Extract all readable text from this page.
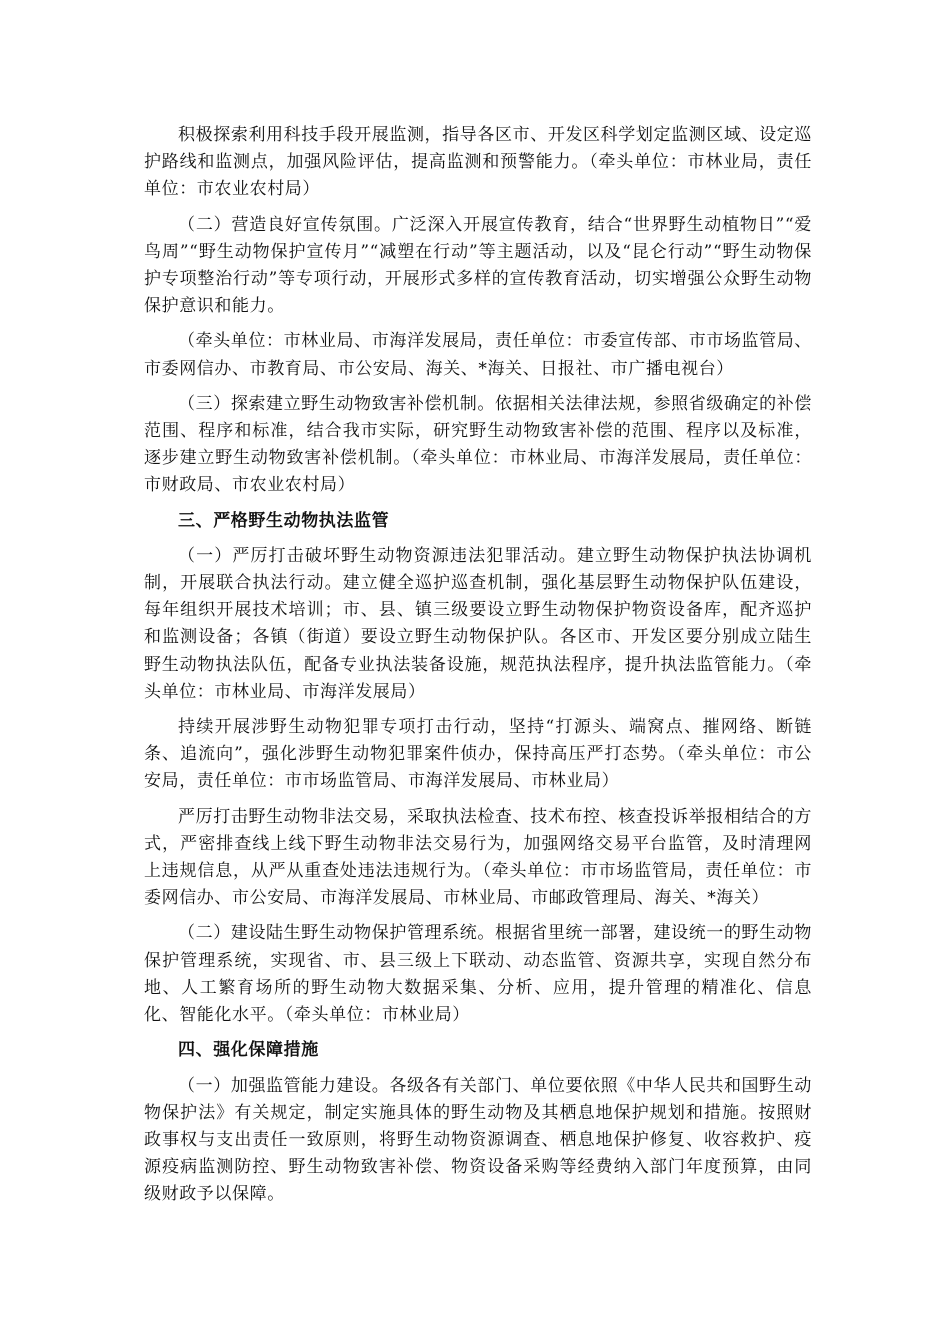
积极探索利用科技手段开展监测，指导各区市、开发区科学划定监测区域、设定巡护路线和监测点，加强风险评估，提高监测和预警能力。（牵头单位：市林业局，责任单位：市农业农村局）

（二）营造良好宣传氛围。广泛深入开展宣传教育，结合“世界野生动植物日”“爱鸟周”“野生动物保护宣传月”“减塑在行动”等主题活动，以及“昆仑行动”“野生动物保护专项整治行动”等专项行动，开展形式多样的宣传教育活动，切实增强公众野生动物保护意识和能力。

（牵头单位：市林业局、市海洋发展局，责任单位：市委宣传部、市市场监管局、市委网信办、市教育局、市公安局、海关、*海关、日报社、市广播电视台）

（三）探索建立野生动物致害补偿机制。依据相关法律法规，参照省级确定的补偿范围、程序和标准，结合我市实际，研究野生动物致害补偿的范围、程序以及标准，逐步建立野生动物致害补偿机制。（牵头单位：市林业局、市海洋发展局，责任单位：市财政局、市农业农村局）

三、严格野生动物执法监管

（一）严厉打击破坏野生动物资源违法犯罪活动。建立野生动物保护执法协调机制，开展联合执法行动。建立健全巡护巡查机制，强化基层野生动物保护队伍建设，每年组织开展技术培训；市、县、镇三级要设立野生动物保护物资设备库，配齐巡护和监测设备；各镇（街道）要设立野生动物保护队。各区市、开发区要分别成立陆生野生动物执法队伍，配备专业执法装备设施，规范执法程序，提升执法监管能力。（牵头单位：市林业局、市海洋发展局）

持续开展涉野生动物犯罪专项打击行动，坚持“打源头、端窝点、摧网络、断链条、追流向”，强化涉野生动物犯罪案件侦办，保持高压严打态势。（牵头单位：市公安局，责任单位：市市场监管局、市海洋发展局、市林业局）

严厉打击野生动物非法交易，采取执法检查、技术布控、核查投诉举报相结合的方式，严密排查线上线下野生动物非法交易行为，加强网络交易平台监管，及时清理网上违规信息，从严从重查处违法违规行为。（牵头单位：市市场监管局，责任单位：市委网信办、市公安局、市海洋发展局、市林业局、市邮政管理局、海关、*海关）

（二）建设陆生野生动物保护管理系统。根据省里统一部署，建设统一的野生动物保护管理系统，实现省、市、县三级上下联动、动态监管、资源共享，实现自然分布地、人工繁育场所的野生动物大数据采集、分析、应用，提升管理的精准化、信息化、智能化水平。（牵头单位：市林业局）

四、强化保障措施

（一）加强监管能力建设。各级各有关部门、单位要依照《中华人民共和国野生动物保护法》有关规定，制定实施具体的野生动物及其栖息地保护规划和措施。按照财政事权与支出责任一致原则，将野生动物资源调查、栖息地保护修复、收容救护、疫源疫病监测防控、野生动物致害补偿、物资设备采购等经费纳入部门年度预算，由同级财政予以保障。
